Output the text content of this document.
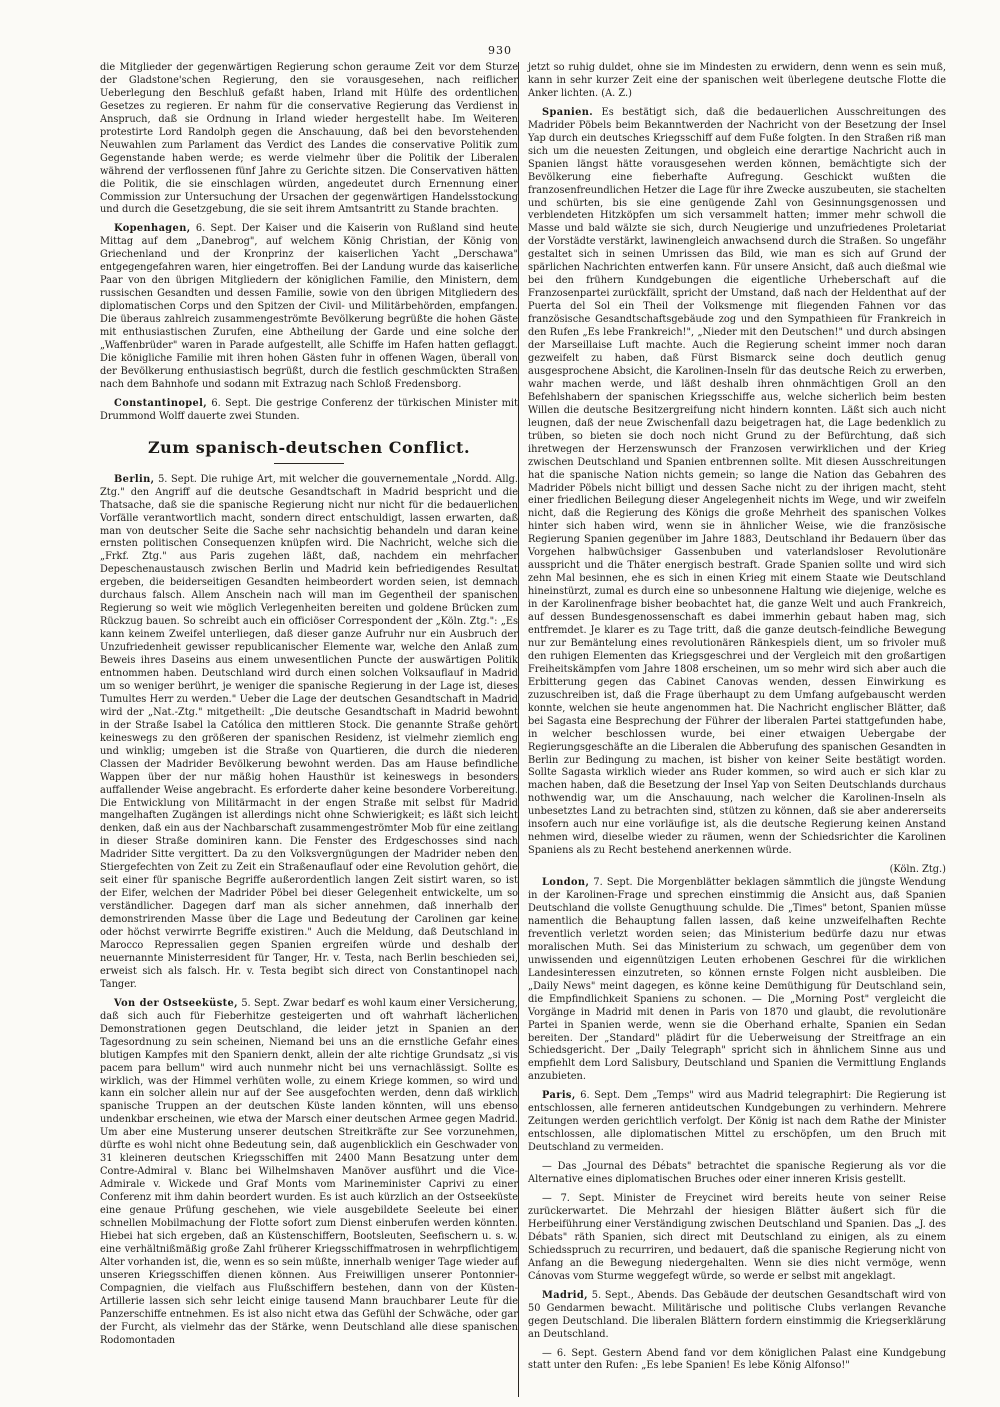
930

die Mitglieder der gegenwärtigen Regierung schon geraume Zeit vor dem Sturze der Gladstone'schen Regierung, den sie vorausgesehen, nach reiflicher Ueberlegung den Beschluß gefaßt haben, Irland mit Hülfe des ordentlichen Gesetzes zu regieren. Er nahm für die conservative Regierung das Verdienst in Anspruch, daß sie Ordnung in Irland wieder hergestellt habe. Im Weiteren protestirte Lord Randolph gegen die Anschauung, daß bei den bevorstehenden Neuwahlen zum Parlament das Verdict des Landes die conservative Politik zum Gegenstande haben werde; es werde vielmehr über die Politik der Liberalen während der verflossenen fünf Jahre zu Gerichte sitzen. Die Conservativen hätten die Politik, die sie einschlagen würden, angedeutet durch Ernennung einer Commission zur Untersuchung der Ursachen der gegenwärtigen Handelsstockung und durch die Gesetzgebung, die sie seit ihrem Amtsantritt zu Stande brachten.

Kopenhagen, 6. Sept. Der Kaiser und die Kaiserin von Rußland sind heute Mittag auf dem „Danebrog", auf welchem König Christian, der König von Griechenland und der Kronprinz der kaiserlichen Yacht „Derschawa" entgegengefahren waren, hier eingetroffen. Bei der Landung wurde das kaiserliche Paar von den übrigen Mitgliedern der königlichen Familie, den Ministern, dem russischen Gesandten und dessen Familie, sowie von den übrigen Mitgliedern des diplomatischen Corps und den Spitzen der Civil- und Militärbehörden, empfangen. Die überaus zahlreich zusammengeströmte Bevölkerung begrüßte die hohen Gäste mit enthusiastischen Zurufen, eine Abtheilung der Garde und eine solche der „Waffenbrüder" waren in Parade aufgestellt, alle Schiffe im Hafen hatten geflaggt. Die königliche Familie mit ihren hohen Gästen fuhr in offenen Wagen, überall von der Bevölkerung enthusiastisch begrüßt, durch die festlich geschmückten Straßen nach dem Bahnhofe und sodann mit Extrazug nach Schloß Fredensborg.

Constantinopel, 6. Sept. Die gestrige Conferenz der türkischen Minister mit Drummond Wolff dauerte zwei Stunden.

Zum spanisch-deutschen Conflict.

Berlin, 5. Sept. Die ruhige Art, mit welcher die gouvernementale „Nordd. Allg. Ztg." den Angriff auf die deutsche Gesandtschaft in Madrid bespricht und die Thatsache, daß sie die spanische Regierung nicht nur nicht für die bedauerlichen Vorfälle verantwortlich macht, sondern direct entschuldigt, lassen erwarten, daß man von deutscher Seite die Sache sehr nachsichtig behandeln und daran keine ernsten politischen Consequenzen knüpfen wird. Die Nachricht, welche sich die „Frkf. Ztg." aus Paris zugehen läßt, daß, nachdem ein mehrfacher Depeschenaustausch zwischen Berlin und Madrid kein befriedigendes Resultat ergeben, die beiderseitigen Gesandten heimbeordert worden seien, ist demnach durchaus falsch. Allem Anschein nach will man im Gegentheil der spanischen Regierung so weit wie möglich Verlegenheiten bereiten und goldene Brücken zum Rückzug bauen. So schreibt auch ein officiöser Correspondent der „Köln. Ztg.": „Es kann keinem Zweifel unterliegen, daß dieser ganze Aufruhr nur ein Ausbruch der Unzufriedenheit gewisser republicanischer Elemente war, welche den Anlaß zum Beweis ihres Daseins aus einem unwesentlichen Puncte der auswärtigen Politik entnommen haben. Deutschland wird durch einen solchen Volksauflauf in Madrid um so weniger berührt, je weniger die spanische Regierung in der Lage ist, dieses Tumultes Herr zu werden." Ueber die Lage der deutschen Gesandtschaft in Madrid wird der „Nat.-Ztg." mitgetheilt: „Die deutsche Gesandtschaft in Madrid bewohnt in der Straße Isabel la Católica den mittleren Stock. Die genannte Straße gehört keineswegs zu den größeren der spanischen Residenz, ist vielmehr ziemlich eng und winklig; umgeben ist die Straße von Quartieren, die durch die niederen Classen der Madrider Bevölkerung bewohnt werden. Das am Hause befindliche Wappen über der nur mäßig hohen Hausthür ist keineswegs in besonders auffallender Weise angebracht. Es erforderte daher keine besondere Vorbereitung. Die Entwicklung von Militärmacht in der engen Straße mit selbst für Madrid mangelhaften Zugängen ist allerdings nicht ohne Schwierigkeit; es läßt sich leicht denken, daß ein aus der Nachbarschaft zusammengeströmter Mob für eine zeitlang in dieser Straße dominiren kann. Die Fenster des Erdgeschosses sind nach Madrider Sitte vergittert. Da zu den Volksvergnügungen der Madrider neben den Stiergefechten von Zeit zu Zeit ein Straßenauflauf oder eine Revolution gehört, die seit einer für spanische Begriffe außerordentlich langen Zeit sistirt waren, so ist der Eifer, welchen der Madrider Pöbel bei dieser Gelegenheit entwickelte, um so verständlicher. Dagegen darf man als sicher annehmen, daß innerhalb der demonstrirenden Masse über die Lage und Bedeutung der Carolinen gar keine oder höchst verwirrte Begriffe existiren." Auch die Meldung, daß Deutschland in Marocco Repressalien gegen Spanien ergreifen würde und deshalb der neuernannte Ministerresident für Tanger, Hr. v. Testa, nach Berlin beschieden sei, erweist sich als falsch. Hr. v. Testa begibt sich direct von Constantinopel nach Tanger.

Von der Ostseeküste, 5. Sept. Zwar bedarf es wohl kaum einer Versicherung, daß sich auch für Fieberhitze gesteigerten und oft wahrhaft lächerlichen Demonstrationen gegen Deutschland, die leider jetzt in Spanien an der Tagesordnung zu sein scheinen, Niemand bei uns an die ernstliche Gefahr eines blutigen Kampfes mit den Spaniern denkt, allein der alte richtige Grundsatz „si vis pacem para bellum" wird auch nunmehr nicht bei uns vernachlässigt. Sollte es wirklich, was der Himmel verhüten wolle, zu einem Kriege kommen, so wird und kann ein solcher allein nur auf der See ausgefochten werden, denn daß wirklich spanische Truppen an der deutschen Küste landen könnten, will uns ebenso undenkbar erscheinen, wie etwa der Marsch einer deutschen Armee gegen Madrid. Um aber eine Musterung unserer deutschen Streitkräfte zur See vorzunehmen, dürfte es wohl nicht ohne Bedeutung sein, daß augenblicklich ein Geschwader von 31 kleineren deutschen Kriegsschiffen mit 2400 Mann Besatzung unter dem Contre-Admiral v. Blanc bei Wilhelmshaven Manöver ausführt und die Vice-Admirale v. Wickede und Graf Monts vom Marineminister Caprivi zu einer Conferenz mit ihm dahin beordert wurden. Es ist auch kürzlich an der Ostseeküste eine genaue Prüfung geschehen, wie viele ausgebildete Seeleute bei einer schnellen Mobilmachung der Flotte sofort zum Dienst einberufen werden könnten. Hiebei hat sich ergeben, daß an Küstenschiffern, Bootsleuten, Seefischern u. s. w. eine verhältnißmäßig große Zahl früherer Kriegsschiffmatrosen in wehrpflichtigem Alter vorhanden ist, die, wenn es so sein müßte, innerhalb weniger Tage wieder auf unseren Kriegsschiffen dienen können. Aus Freiwilligen unserer Pontonnier-Compagnien, die vielfach aus Flußschiffern bestehen, dann von der Küsten-Artillerie lassen sich sehr leicht einige tausend Mann brauchbarer Leute für die Panzerschiffe entnehmen. Es ist also nicht etwa das Gefühl der Schwäche, oder gar der Furcht, als vielmehr das der Stärke, wenn Deutschland alle diese spanischen Rodomontaden

jetzt so ruhig duldet, ohne sie im Mindesten zu erwidern, denn wenn es sein muß, kann in sehr kurzer Zeit eine der spanischen weit überlegene deutsche Flotte die Anker lichten. (A. Z.)

Spanien. Es bestätigt sich, daß die bedauerlichen Ausschreitungen des Madrider Pöbels beim Bekanntwerden der Nachricht von der Besetzung der Insel Yap durch ein deutsches Kriegsschiff auf dem Fuße folgten. In den Straßen riß man sich um die neuesten Zeitungen, und obgleich eine derartige Nachricht auch in Spanien längst hätte vorausgesehen werden können, bemächtigte sich der Bevölkerung eine fieberhafte Aufregung. Geschickt wußten die franzosenfreundlichen Hetzer die Lage für ihre Zwecke auszubeuten, sie stachelten und schürten, bis sie eine genügende Zahl von Gesinnungsgenossen und verblendeten Hitzköpfen um sich versammelt hatten; immer mehr schwoll die Masse und bald wälzte sie sich, durch Neugierige und unzufriedenes Proletariat der Vorstädte verstärkt, lawinengleich anwachsend durch die Straßen. So ungefähr gestaltet sich in seinen Umrissen das Bild, wie man es sich auf Grund der spärlichen Nachrichten entwerfen kann. Für unsere Ansicht, daß auch dießmal wie bei den frühern Kundgebungen die eigentliche Urheberschaft auf die Franzosenpartei zurückfällt, spricht der Umstand, daß nach der Heldenthat auf der Puerta del Sol ein Theil der Volksmenge mit fliegenden Fahnen vor das französische Gesandtschaftsgebäude zog und den Sympathieen für Frankreich in den Rufen „Es lebe Frankreich!", „Nieder mit den Deutschen!" und durch absingen der Marseillaise Luft machte. Auch die Regierung scheint immer noch daran gezweifelt zu haben, daß Fürst Bismarck seine doch deutlich genug ausgesprochene Absicht, die Karolinen-Inseln für das deutsche Reich zu erwerben, wahr machen werde, und läßt deshalb ihren ohnmächtigen Groll an den Befehlshabern der spanischen Kriegsschiffe aus, welche sicherlich beim besten Willen die deutsche Besitzergreifung nicht hindern konnten. Läßt sich auch nicht leugnen, daß der neue Zwischenfall dazu beigetragen hat, die Lage bedenklich zu trüben, so bieten sie doch noch nicht Grund zu der Befürchtung, daß sich ihretwegen der Herzenswunsch der Franzosen verwirklichen und der Krieg zwischen Deutschland und Spanien entbrennen sollte. Mit diesen Ausschreitungen hat die spanische Nation nichts gemein; so lange die Nation das Gebahren des Madrider Pöbels nicht billigt und dessen Sache nicht zu der ihrigen macht, steht einer friedlichen Beilegung dieser Angelegenheit nichts im Wege, und wir zweifeln nicht, daß die Regierung des Königs die große Mehrheit des spanischen Volkes hinter sich haben wird, wenn sie in ähnlicher Weise, wie die französische Regierung Spanien gegenüber im Jahre 1883, Deutschland ihr Bedauern über das Vorgehen halbwüchsiger Gassenbuben und vaterlandsloser Revolutionäre ausspricht und die Thäter energisch bestraft. Grade Spanien sollte und wird sich zehn Mal besinnen, ehe es sich in einen Krieg mit einem Staate wie Deutschland hineinstürzt, zumal es durch eine so unbesonnene Haltung wie diejenige, welche es in der Karolinenfrage bisher beobachtet hat, die ganze Welt und auch Frankreich, auf dessen Bundesgenossenschaft es dabei immerhin gebaut haben mag, sich entfremdet. Je klarer es zu Tage tritt, daß die ganze deutsch-feindliche Bewegung nur zur Bemäntelung eines revolutionären Ränkespiels dient, um so frivoler muß den ruhigen Elementen das Kriegsgeschrei und der Vergleich mit den großartigen Freiheitskämpfen vom Jahre 1808 erscheinen, um so mehr wird sich aber auch die Erbitterung gegen das Cabinet Canovas wenden, dessen Einwirkung es zuzuschreiben ist, daß die Frage überhaupt zu dem Umfang aufgebauscht werden konnte, welchen sie heute angenommen hat. Die Nachricht englischer Blätter, daß bei Sagasta eine Besprechung der Führer der liberalen Partei stattgefunden habe, in welcher beschlossen wurde, bei einer etwaigen Uebergabe der Regierungsgeschäfte an die Liberalen die Abberufung des spanischen Gesandten in Berlin zur Bedingung zu machen, ist bisher von keiner Seite bestätigt worden. Sollte Sagasta wirklich wieder ans Ruder kommen, so wird auch er sich klar zu machen haben, daß die Besetzung der Insel Yap von Seiten Deutschlands durchaus nothwendig war, um die Anschauung, nach welcher die Karolinen-Inseln als unbesetztes Land zu betrachten sind, stützen zu können, daß sie aber andererseits insofern auch nur eine vorläufige ist, als die deutsche Regierung keinen Anstand nehmen wird, dieselbe wieder zu räumen, wenn der Schiedsrichter die Karolinen Spaniens als zu Recht bestehend anerkennen würde.

(Köln. Ztg.)

London, 7. Sept. Die Morgenblätter beklagen sämmtlich die jüngste Wendung in der Karolinen-Frage und sprechen einstimmig die Ansicht aus, daß Spanien Deutschland die vollste Genugthuung schulde. Die „Times" betont, Spanien müsse namentlich die Behauptung fallen lassen, daß keine unzweifelhaften Rechte freventlich verletzt worden seien; das Ministerium bedürfe dazu nur etwas moralischen Muth. Sei das Ministerium zu schwach, um gegenüber dem von unwissenden und eigennützigen Leuten erhobenen Geschrei für die wirklichen Landesinteressen einzutreten, so können ernste Folgen nicht ausbleiben. Die „Daily News" meint dagegen, es könne keine Demüthigung für Deutschland sein, die Empfindlichkeit Spaniens zu schonen. — Die „Morning Post" vergleicht die Vorgänge in Madrid mit denen in Paris von 1870 und glaubt, die revolutionäre Partei in Spanien werde, wenn sie die Oberhand erhalte, Spanien ein Sedan bereiten. Der „Standard" plädirt für die Ueberweisung der Streitfrage an ein Schiedsgericht. Der „Daily Telegraph" spricht sich in ähnlichem Sinne aus und empfiehlt dem Lord Salisbury, Deutschland und Spanien die Vermittlung Englands anzubieten.

Paris, 6. Sept. Dem „Temps" wird aus Madrid telegraphirt: Die Regierung ist entschlossen, alle ferneren antideutschen Kundgebungen zu verhindern. Mehrere Zeitungen werden gerichtlich verfolgt. Der König ist nach dem Rathe der Minister entschlossen, alle diplomatischen Mittel zu erschöpfen, um den Bruch mit Deutschland zu vermeiden.

— Das „Journal des Débats" betrachtet die spanische Regierung als vor die Alternative eines diplomatischen Bruches oder einer inneren Krisis gestellt.

— 7. Sept. Minister de Freycinet wird bereits heute von seiner Reise zurückerwartet. Die Mehrzahl der hiesigen Blätter äußert sich für die Herbeiführung einer Verständigung zwischen Deutschland und Spanien. Das „J. des Débats" räth Spanien, sich direct mit Deutschland zu einigen, als zu einem Schiedsspruch zu recurriren, und bedauert, daß die spanische Regierung nicht von Anfang an die Bewegung niedergehalten. Wenn sie dies nicht vermöge, wenn Cánovas vom Sturme weggefegt würde, so werde er selbst mit angeklagt.

Madrid, 5. Sept., Abends. Das Gebäude der deutschen Gesandtschaft wird von 50 Gendarmen bewacht. Militärische und politische Clubs verlangen Revanche gegen Deutschland. Die liberalen Blättern fordern einstimmig die Kriegserklärung an Deutschland.

— 6. Sept. Gestern Abend fand vor dem königlichen Palast eine Kundgebung statt unter den Rufen: „Es lebe Spanien! Es lebe König Alfonso!"
